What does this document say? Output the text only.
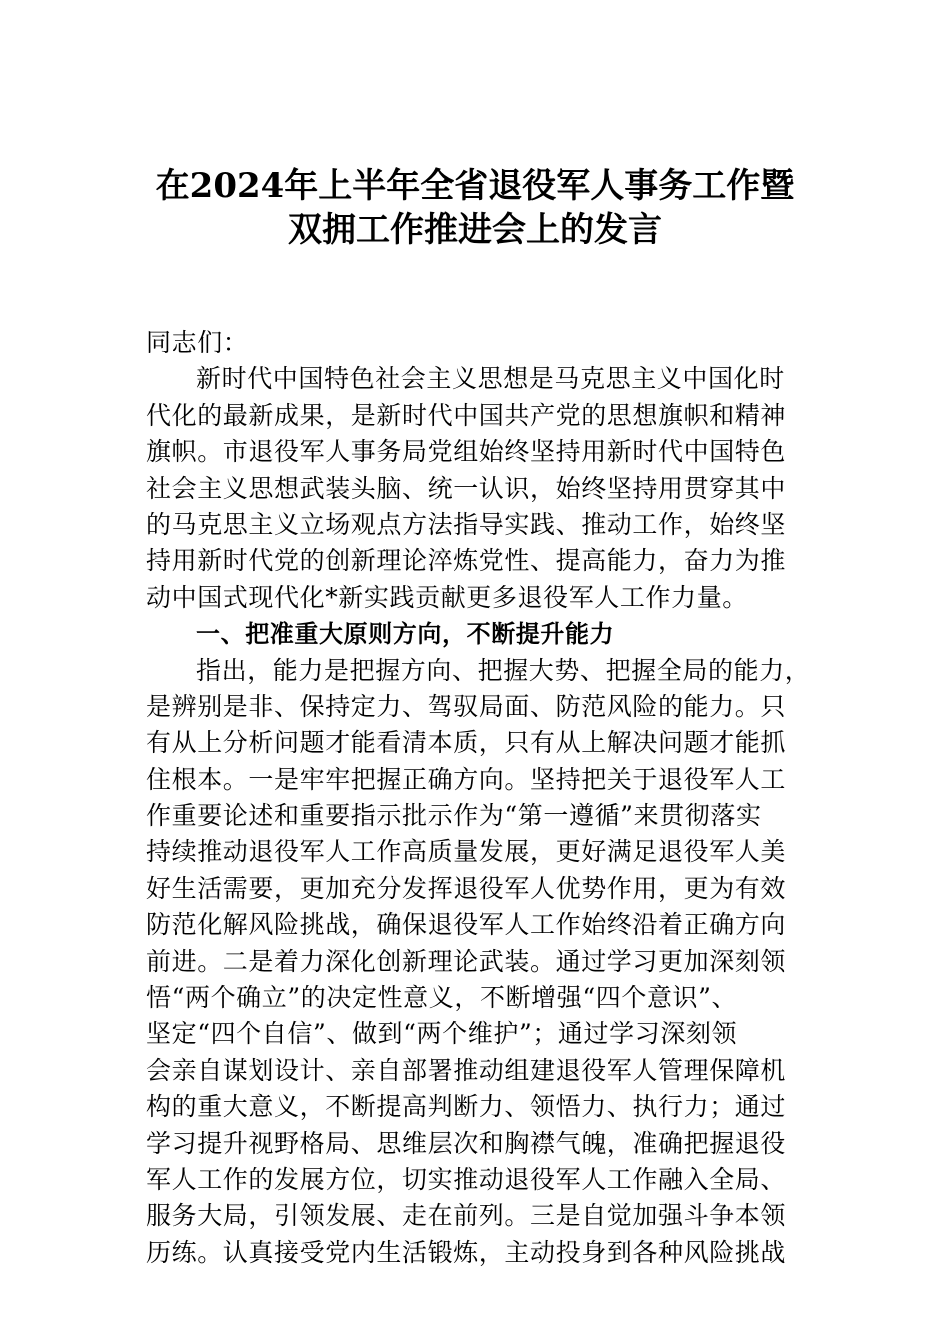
在2024年上半年全省退役军人事务工作暨
双拥工作推进会上的发言
同志们：
新时代中国特色社会主义思想是马克思主义中国化时
代化的最新成果，是新时代中国共产党的思想旗帜和精神
旗帜。市退役军人事务局党组始终坚持用新时代中国特色
社会主义思想武装头脑、统一认识，始终坚持用贯穿其中
的马克思主义立场观点方法指导实践、推动工作，始终坚
持用新时代党的创新理论淬炼党性、提高能力，奋力为推
动中国式现代化*新实践贡献更多退役军人工作力量。
一、把准重大原则方向，不断提升能力
指出，能力是把握方向、把握大势、把握全局的能力，
是辨别是非、保持定力、驾驭局面、防范风险的能力。只
有从上分析问题才能看清本质，只有从上解决问题才能抓
住根本。一是牢牢把握正确方向。坚持把关于退役军人工
作重要论述和重要指示批示作为“第一遵循”来贯彻落实
持续推动退役军人工作高质量发展，更好满足退役军人美
好生活需要，更加充分发挥退役军人优势作用，更为有效
防范化解风险挑战，确保退役军人工作始终沿着正确方向
前进。二是着力深化创新理论武装。通过学习更加深刻领
悟“两个确立”的决定性意义，不断增强“四个意识”、
坚定“四个自信”、做到“两个维护”；通过学习深刻领
会亲自谋划设计、亲自部署推动组建退役军人管理保障机
构的重大意义，不断提高判断力、领悟力、执行力；通过
学习提升视野格局、思维层次和胸襟气魄，准确把握退役
军人工作的发展方位，切实推动退役军人工作融入全局、
服务大局，引领发展、走在前列。三是自觉加强斗争本领
历练。认真接受党内生活锻炼，主动投身到各种风险挑战
